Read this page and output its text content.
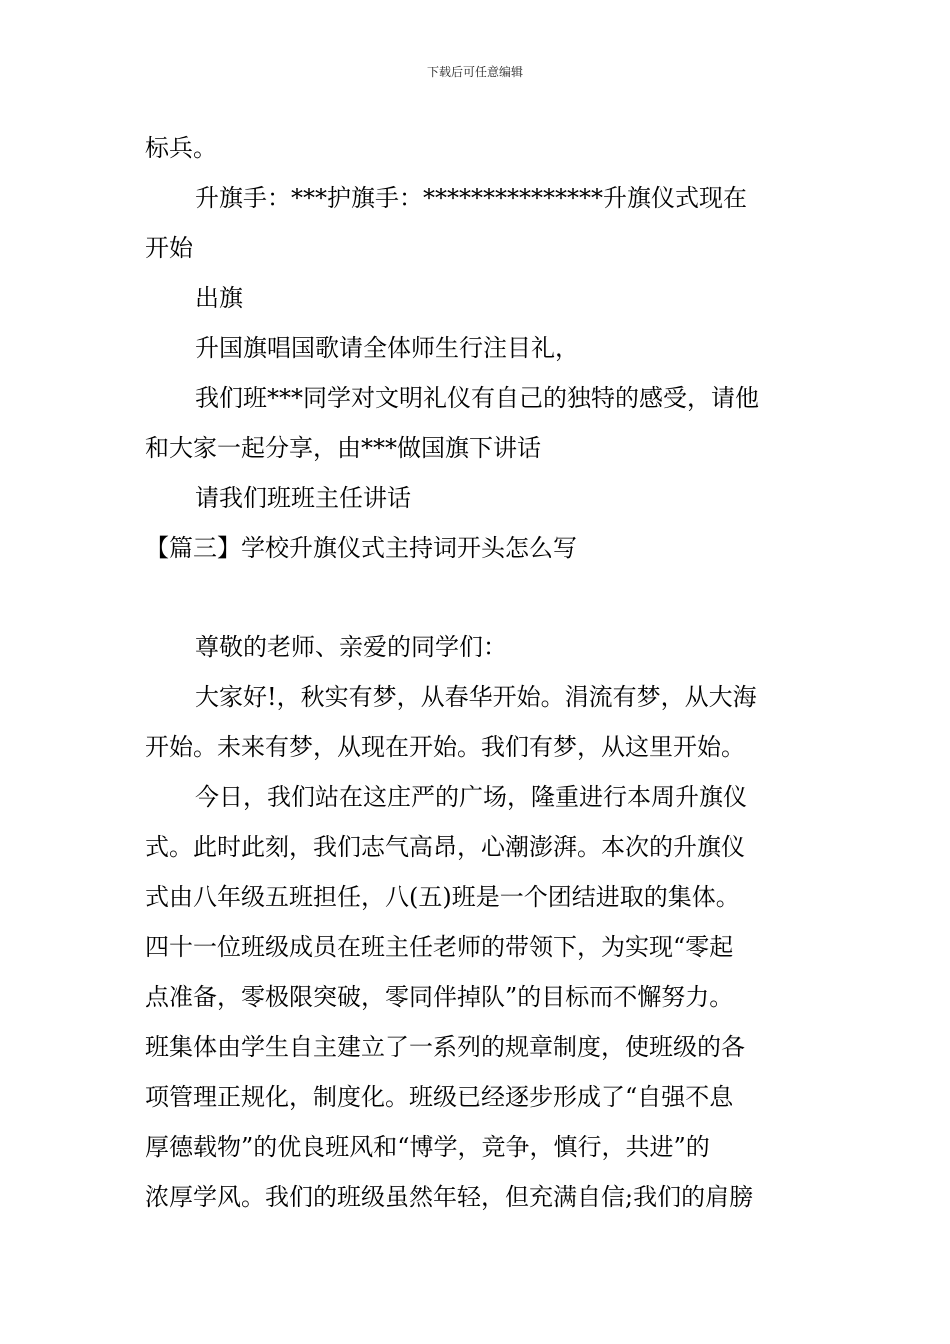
下载后可任意编辑
标兵。
升旗手：***护旗手：***************升旗仪式现在
开始
出旗
升国旗唱国歌请全体师生行注目礼，
我们班***同学对文明礼仪有自己的独特的感受，请他
和大家一起分享，由***做国旗下讲话
请我们班班主任讲话
【篇三】学校升旗仪式主持词开头怎么写
尊敬的老师、亲爱的同学们：
大家好!，秋实有梦，从春华开始。涓流有梦，从大海
开始。未来有梦，从现在开始。我们有梦，从这里开始。
今日，我们站在这庄严的广场，隆重进行本周升旗仪
式。此时此刻，我们志气高昂，心潮澎湃。本次的升旗仪
式由八年级五班担任，八(五)班是一个团结进取的集体。
四十一位班级成员在班主任老师的带领下，为实现“零起
点准备，零极限突破，零同伴掉队”的目标而不懈努力。
班集体由学生自主建立了一系列的规章制度，使班级的各
项管理正规化，制度化。班级已经逐步形成了“自强不息
厚德载物”的优良班风和“博学，竞争，慎行，共进”的
浓厚学风。我们的班级虽然年轻，但充满自信;我们的肩膀
